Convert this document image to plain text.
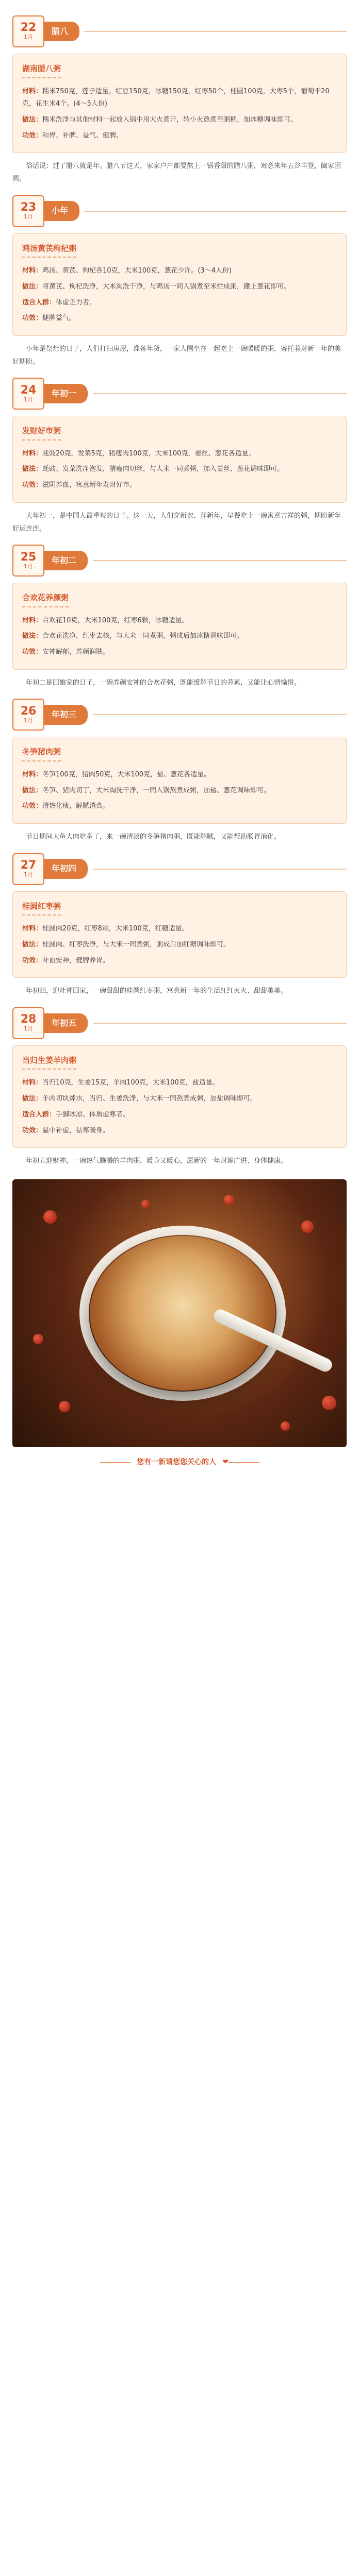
22
1月
腊八
湖南腊八粥
材料：糯米750克，莲子适量，红豆150克，冰糖150克，红枣50个，桂圆100克，大枣5个，葡萄干20克，花生米4个。(4～5人份)
做法：糯米洗净与其他材料一起放入锅中用大火煮开，转小火熬煮至粥稠，加冰糖调味即可。
功效：和胃、补脾、益气、健脾。

俗话说：过了腊八就是年。腊八节这天，家家户户都要熬上一锅香甜的腊八粥，寓意来年五谷丰登，阖家团圆。

23
1月
小年
鸡汤黄芪枸杞粥
材料：鸡汤、黄芪、枸杞各10克，大米100克，葱花少许。(3～4人份)
做法：将黄芪、枸杞洗净，大米淘洗干净，与鸡汤一同入锅煮至米烂成粥，撒上葱花即可。
适合人群：体虚乏力者。
功效：健脾益气。

小年是祭灶的日子，人们打扫房屋，准备年货，一家人围坐在一起吃上一碗暖暖的粥，寄托着对新一年的美好期盼。

24
1月
年初一
发财好市粥
材料：蚝豉20克，发菜5克，猪瘦肉100克，大米100克，姜丝、葱花各适量。
做法：蚝豉、发菜洗净泡发，猪瘦肉切丝，与大米一同煮粥，加入姜丝、葱花调味即可。
功效：滋阴养血，寓意新年发财好市。

大年初一，是中国人最重视的日子。这一天，人们穿新衣、拜新年，早餐吃上一碗寓意吉祥的粥，期盼新年好运连连。

25
1月
年初二
合欢花养颜粥
材料：合欢花10克，大米100克，红枣6颗，冰糖适量。
做法：合欢花洗净，红枣去核，与大米一同煮粥，粥成后加冰糖调味即可。
功效：安神解郁，养颜润肤。

年初二是回娘家的日子，一碗养颜安神的合欢花粥，既能缓解节日的劳累，又能让心情愉悦。

26
1月
年初三
冬笋猪肉粥
材料：冬笋100克，猪肉50克，大米100克，盐、葱花各适量。
做法：冬笋、猪肉切丁，大米淘洗干净，一同入锅熬煮成粥，加盐、葱花调味即可。
功效：清热化痰，解腻消食。

节日期间大鱼大肉吃多了，来一碗清淡的冬笋猪肉粥，既能解腻，又能帮助肠胃消化。

27
1月
年初四
桂圆红枣粥
材料：桂圆肉20克，红枣8颗，大米100克，红糖适量。
做法：桂圆肉、红枣洗净，与大米一同煮粥，粥成后加红糖调味即可。
功效：补血安神，健脾养胃。

年初四，迎灶神回家，一碗甜甜的桂圆红枣粥，寓意新一年的生活红红火火、甜甜美美。

28
1月
年初五
当归生姜羊肉粥
材料：当归10克，生姜15克，羊肉100克，大米100克，盐适量。
做法：羊肉切块焯水，当归、生姜洗净，与大米一同熬煮成粥，加盐调味即可。
适合人群：手脚冰凉、体质虚寒者。
功效：温中补虚，祛寒暖身。

年初五迎财神，一碗热气腾腾的羊肉粥，暖身又暖心，愿新的一年财源广进、身体健康。

您有一新请您您关心的人 ❤
